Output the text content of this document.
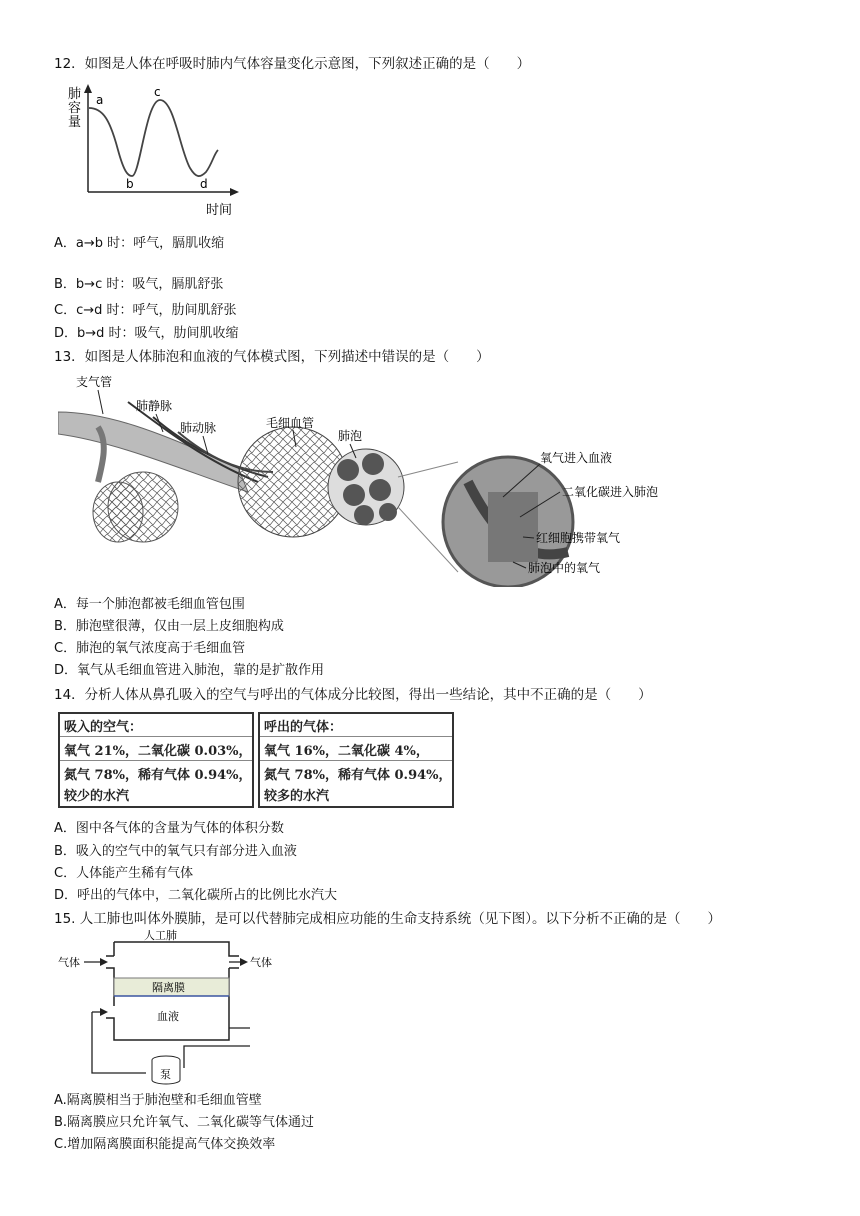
12．如图是人体在呼吸时肺内气体容量变化示意图，下列叙述正确的是（　　）
肺
容
量
a
b
c
d
时间
A．a→b 时：呼气，膈肌收缩
B．b→c 时：吸气，膈肌舒张
C．c→d 时：呼气，肋间肌舒张
D．b→d 时：吸气，肋间肌收缩
13．如图是人体肺泡和血液的气体模式图，下列描述中错误的是（　　）
支气管
肺静脉
肺动脉	毛细血管
肺泡
氧气进入血液
二氧化碳进入肺泡
红细胞携带氧气
肺泡中的氧气
A．每一个肺泡都被毛细血管包围
B．肺泡壁很薄，仅由一层上皮细胞构成
C．肺泡的氧气浓度高于毛细血管
D．氧气从毛细血管进入肺泡，靠的是扩散作用
14．分析人体从鼻孔吸入的空气与呼出的气体成分比较图，得出一些结论，其中不正确的是（　　）
吸入的空气：
氧气 21%，二氧化碳 0.03%，
氮气 78%，稀有气体 0.94%，
较少的水汽
呼出的气体：
氧气 16%，二氧化碳 4%，
氮气 78%，稀有气体 0.94%，
较多的水汽
A．图中各气体的含量为气体的体积分数
B．吸入的空气中的氧气只有部分进入血液
C．人体能产生稀有气体
D．呼出的气体中，二氧化碳所占的比例比水汽大
15. 人工肺也叫体外膜肺，是可以代替肺完成相应功能的生命支持系统（见下图）。以下分析不正确的是（　　）
人工肺
隔离膜
血液
气体	气体
泵
A.隔离膜相当于肺泡壁和毛细血管壁
B.隔离膜应只允许氧气、二氧化碳等气体通过
C.增加隔离膜面积能提高气体交换效率
